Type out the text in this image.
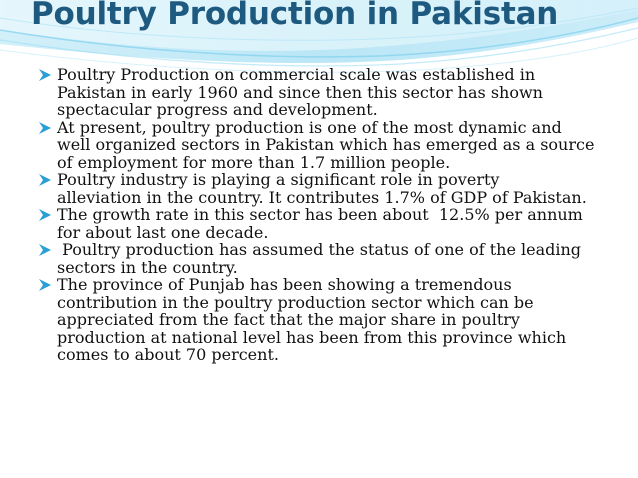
Poultry Production in Pakistan
Poultry Production on commercial scale was established in
Pakistan in early 1960 and since then this sector has shown
spectacular progress and development.
At present, poultry production is one of the most dynamic and
well organized sectors in Pakistan which has emerged as a source
of employment for more than 1.7 million people.
Poultry industry is playing a significant role in poverty
alleviation in the country. It contributes 1.7% of GDP of Pakistan.
The growth rate in this sector has been about  12.5% per annum
for about last one decade.
Poultry production has assumed the status of one of the leading
sectors in the country.
The province of Punjab has been showing a tremendous
contribution in the poultry production sector which can be
appreciated from the fact that the major share in poultry
production at national level has been from this province which
comes to about 70 percent.
